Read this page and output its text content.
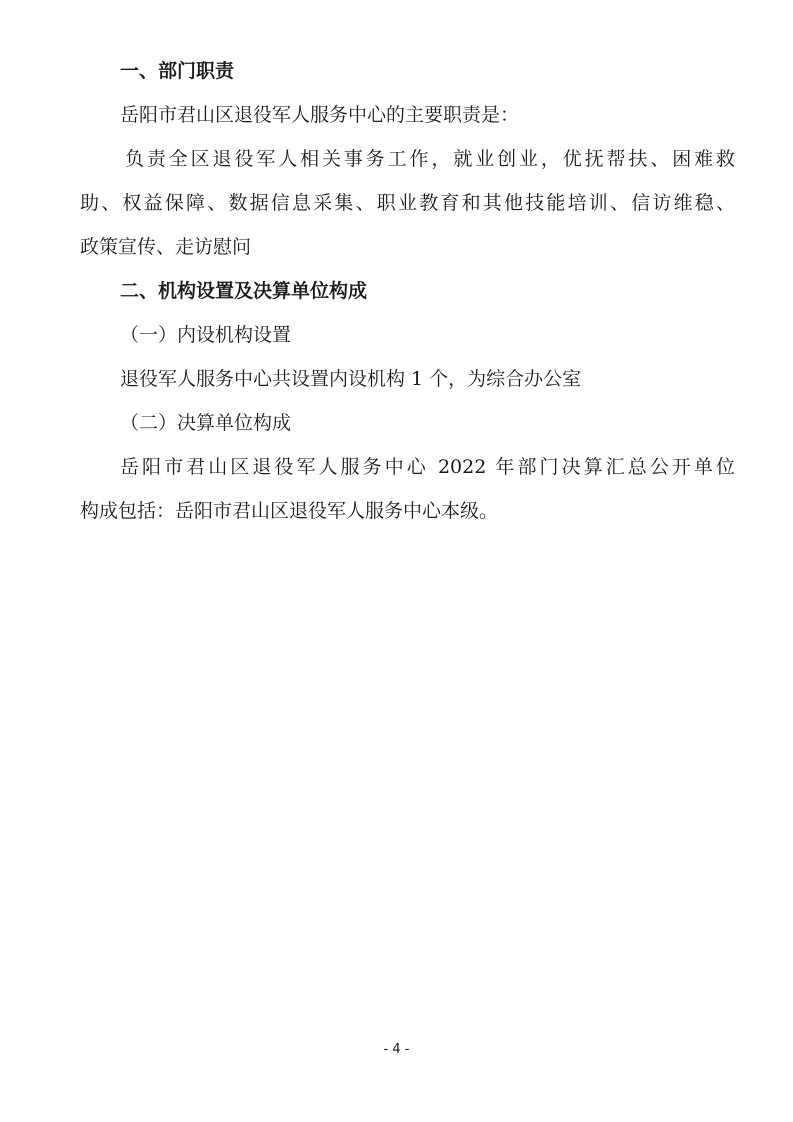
一、部门职责

岳阳市君山区退役军人服务中心的主要职责是：

负责全区退役军人相关事务工作，就业创业，优抚帮扶、困难救

助、权益保障、数据信息采集、职业教育和其他技能培训、信访维稳、

政策宣传、走访慰问

二、机构设置及决算单位构成

（一）内设机构设置

退役军人服务中心共设置内设机构 1 个，为综合办公室

（二）决算单位构成

岳阳市君山区退役军人服务中心 2022 年部门决算汇总公开单位

构成包括：岳阳市君山区退役军人服务中心本级。

- 4 -
